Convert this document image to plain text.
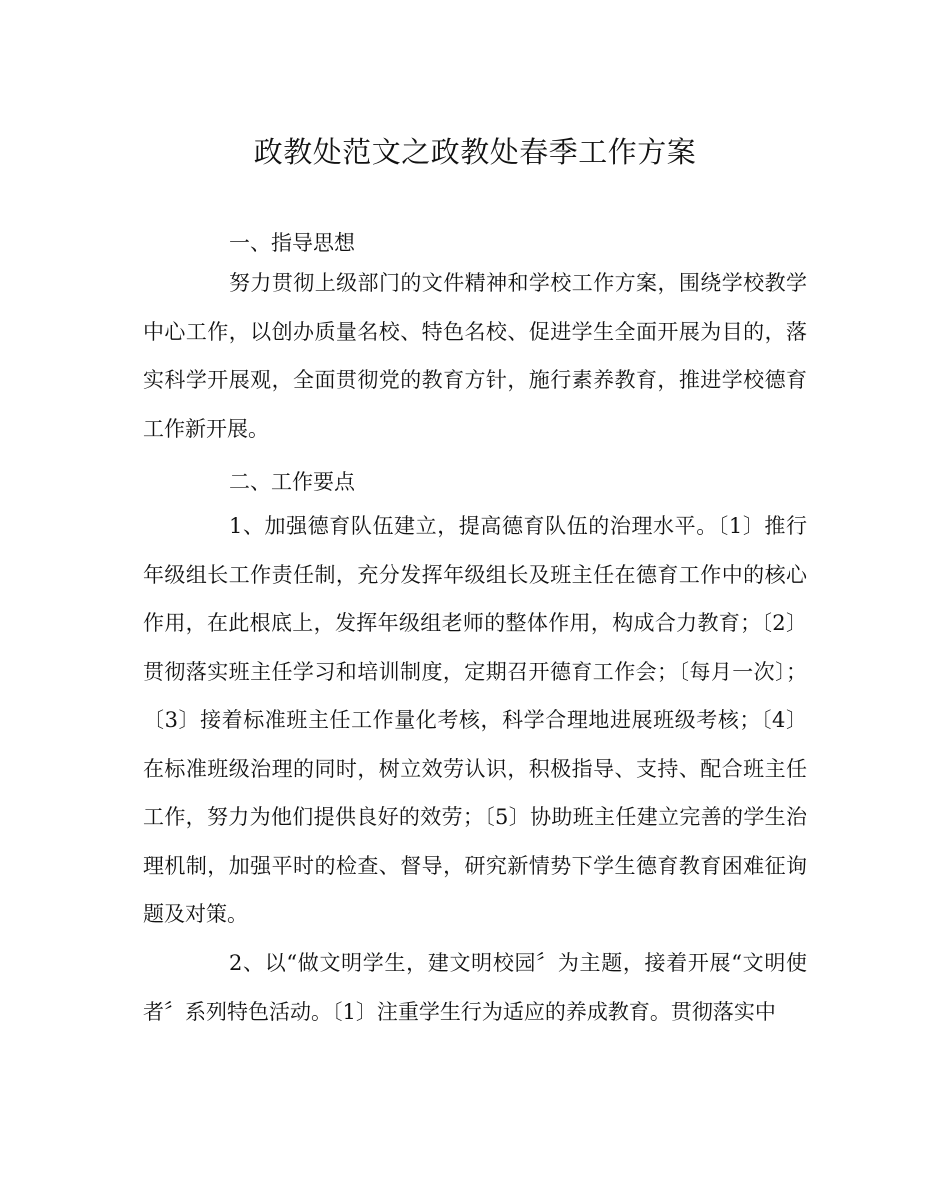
政教处范文之政教处春季工作方案
一、指导思想

努力贯彻上级部门的文件精神和学校工作方案，围绕学校教学中心工作，以创办质量名校、特色名校、促进学生全面开展为目的，落实科学开展观，全面贯彻党的教育方针，施行素养教育，推进学校德育工作新开展。

二、工作要点

1、加强德育队伍建立，提高德育队伍的治理水平。〔1〕推行年级组长工作责任制，充分发挥年级组长及班主任在德育工作中的核心作用，在此根底上，发挥年级组老师的整体作用，构成合力教育；〔2〕贯彻落实班主任学习和培训制度，定期召开德育工作会；〔每月一次〕；〔3〕接着标准班主任工作量化考核，科学合理地进展班级考核；〔4〕在标准班级治理的同时，树立效劳认识，积极指导、支持、配合班主任工作，努力为他们提供良好的效劳；〔5〕协助班主任建立完善的学生治理机制，加强平时的检查、督导，研究新情势下学生德育教育困难征询题及对策。

2、以“做文明学生，建文明校园〞为主题，接着开展“文明使者〞系列特色活动。〔1〕注重学生行为适应的养成教育。贯彻落实中
